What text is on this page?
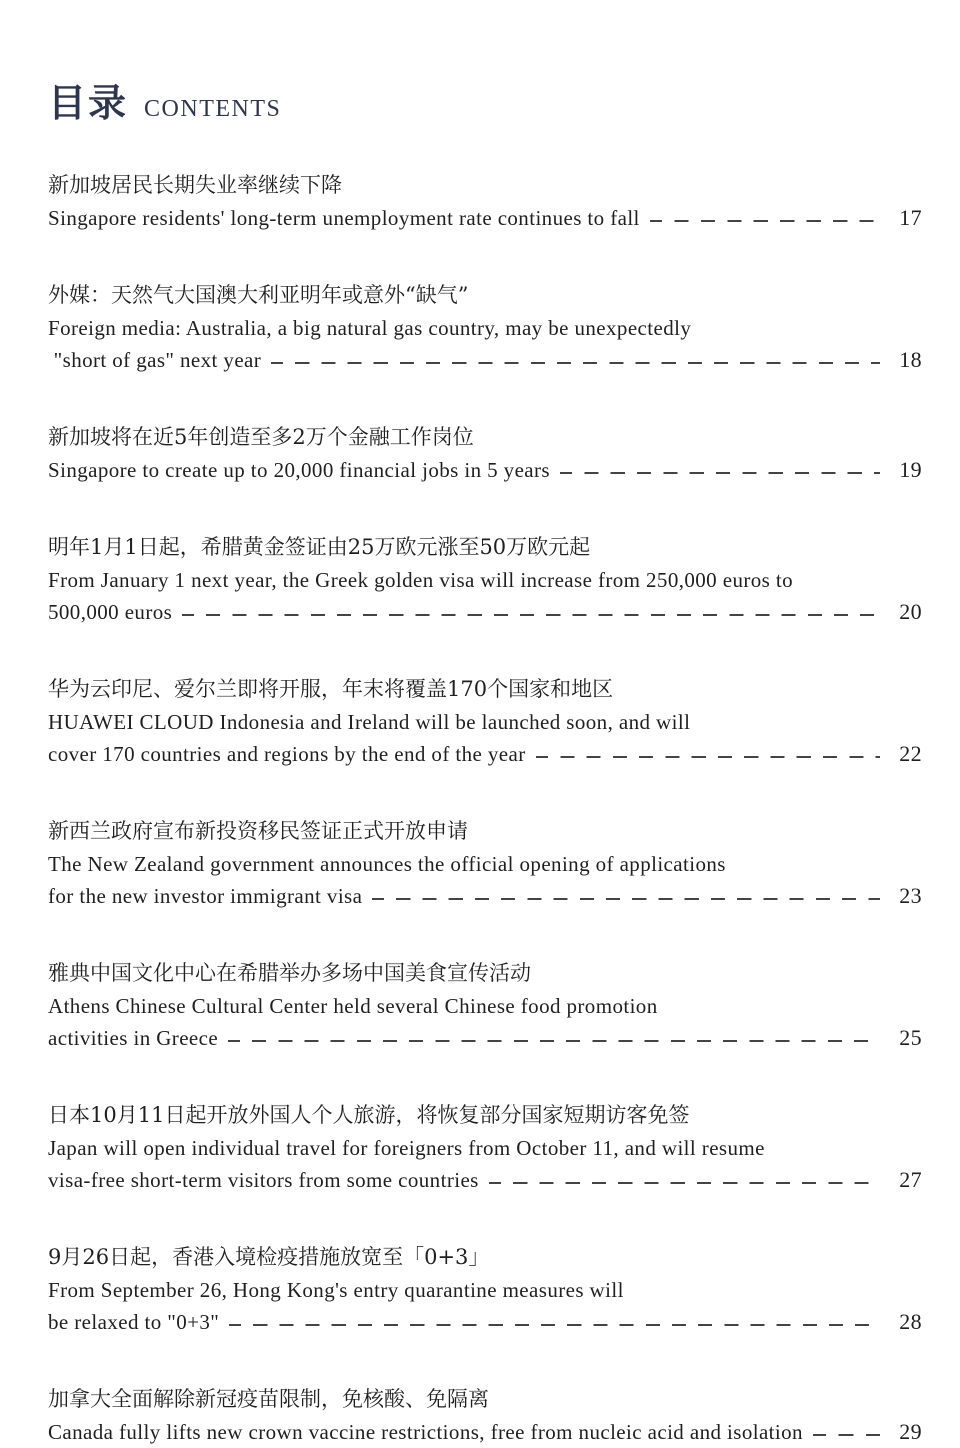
目录 CONTENTS
新加坡居民长期失业率继续下降
Singapore residents' long-term unemployment rate continues to fall	17
外媒：天然气大国澳大利亚明年或意外“缺气”
Foreign media: Australia, a big natural gas country, may be unexpectedly
"short of gas" next year	18
新加坡将在近5年创造至多2万个金融工作岗位
Singapore to create up to 20,000 financial jobs in 5 years	19
明年1月1日起，希腊黄金签证由25万欧元涨至50万欧元起
From January 1 next year, the Greek golden visa will increase from 250,000 euros to
500,000 euros	20
华为云印尼、爱尔兰即将开服，年末将覆盖170个国家和地区
HUAWEI CLOUD Indonesia and Ireland will be launched soon, and will
cover 170 countries and regions by the end of the year	22
新西兰政府宣布新投资移民签证正式开放申请
The New Zealand government announces the official opening of applications
for the new investor immigrant visa	23
雅典中国文化中心在希腊举办多场中国美食宣传活动
Athens Chinese Cultural Center held several Chinese food promotion
activities in Greece	25
日本10月11日起开放外国人个人旅游，将恢复部分国家短期访客免签
Japan will open individual travel for foreigners from October 11, and will resume
visa-free short-term visitors from some countries	27
9月26日起，香港入境检疫措施放宽至「0+3」
From September 26, Hong Kong's entry quarantine measures will
be relaxed to "0+3"	28
加拿大全面解除新冠疫苗限制，免核酸、免隔离
Canada fully lifts new crown vaccine restrictions, free from nucleic acid and isolation	29
